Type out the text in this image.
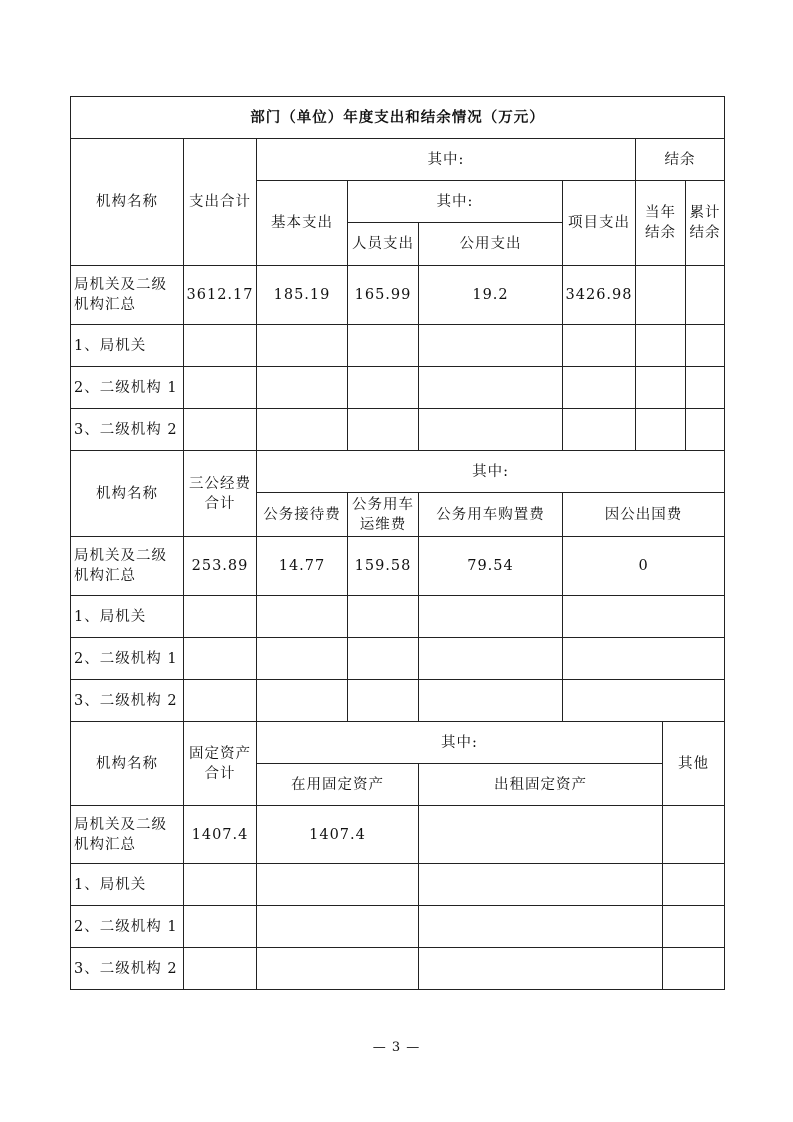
部门（单位）年度支出和结余情况（万元）								
机构名称	支出合计	其中:				结余		
		基本支出	其中:		项目支出	当年结余		累计结余
			人员支出	公用支出				
局机关及二级机构汇总	3612.17	185.19	165.99	19.2	3426.98			
1、局机关								
2、二级机构 1								
3、二级机构 2								
机构名称	三公经费合计	其中:						
		公务接待费	公务用车运维费	公务用车购置费	因公出国费			
局机关及二级机构汇总	253.89	14.77	159.58	79.54	0			
1、局机关								
2、二级机构 1								
3、二级机构 2								
机构名称	固定资产合计	其中:					其他	
		在用固定资产		出租固定资产				
局机关及二级机构汇总	1407.4	1407.4						
1、局机关								
2、二级机构 1								
3、二级机构 2								
— 3 —
